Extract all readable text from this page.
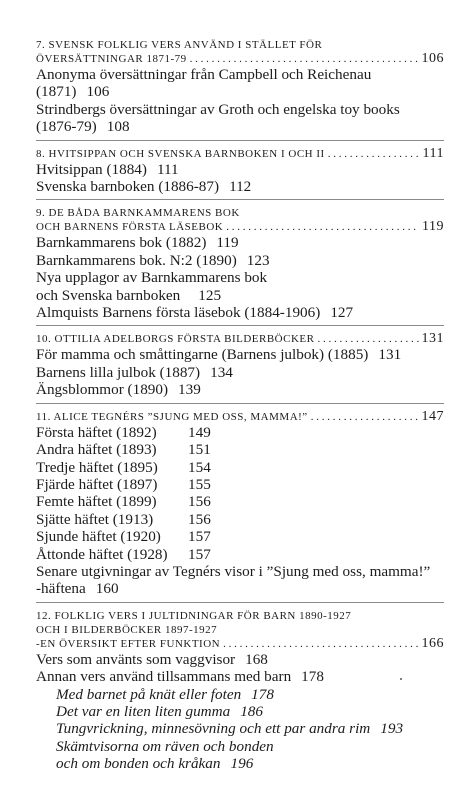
7. SVENSK FOLKLIG VERS ANVÄND I STÄLLET FÖR
ÖVERSÄTTNINGAR 1871-79 . . .	106
Anonyma översättningar från Campbell och Reichenau
(1871) 106
Strindbergs översättningar av Groth och engelska toy books
(1876-79) 108
8. HVITSIPPAN OCH SVENSKA BARNBOKEN I OCH II . . .	111
Hvitsippan (1884) 111
Svenska barnboken (1886-87) 112
9. DE BÅDA BARNKAMMARENS BOK
OCH BARNENS FÖRSTA LÄSEBOK . . .	119
Barnkammarens bok (1882) 119
Barnkammarens bok. N:2 (1890) 123
Nya upplagor av Barnkammarens bok
och Svenska barnboken 125
Almquists Barnens första läsebok (1884-1906) 127
10. OTTILIA ADELBORGS FÖRSTA BILDERBÖCKER . . .	131
För mamma och småttingarne (Barnens julbok) (1885) 131
Barnens lilla julbok (1887) 134
Ängsblommor (1890) 139
11. ALICE TEGNÉRS ”SJUNG MED OSS, MAMMA!” . . .	147
Första häftet (1892)	149
Andra häftet (1893)	151
Tredje häftet (1895)	154
Fjärde häftet (1897)	155
Femte häftet (1899)	156
Sjätte häftet (1913)	156
Sjunde häftet (1920)	157
Åttonde häftet (1928)	157
Senare utgivningar av Tegnérs visor i ”Sjung med oss, mamma!”
-häftena 160
12. FOLKLIG VERS I JULTIDNINGAR FÖR BARN 1890-1927
OCH I BILDERBÖCKER 1897-1927
-EN ÖVERSIKT EFTER FUNKTION . . .	166
Vers som använts som vaggvisor 168
Annan vers använd tillsammans med barn 178
Med barnet på knät eller foten 178
Det var en liten liten gumma 186
Tungvrickning, minnesövning och ett par andra rim 193
Skämtvisorna om räven och bonden
och om bonden och kråkan 196
